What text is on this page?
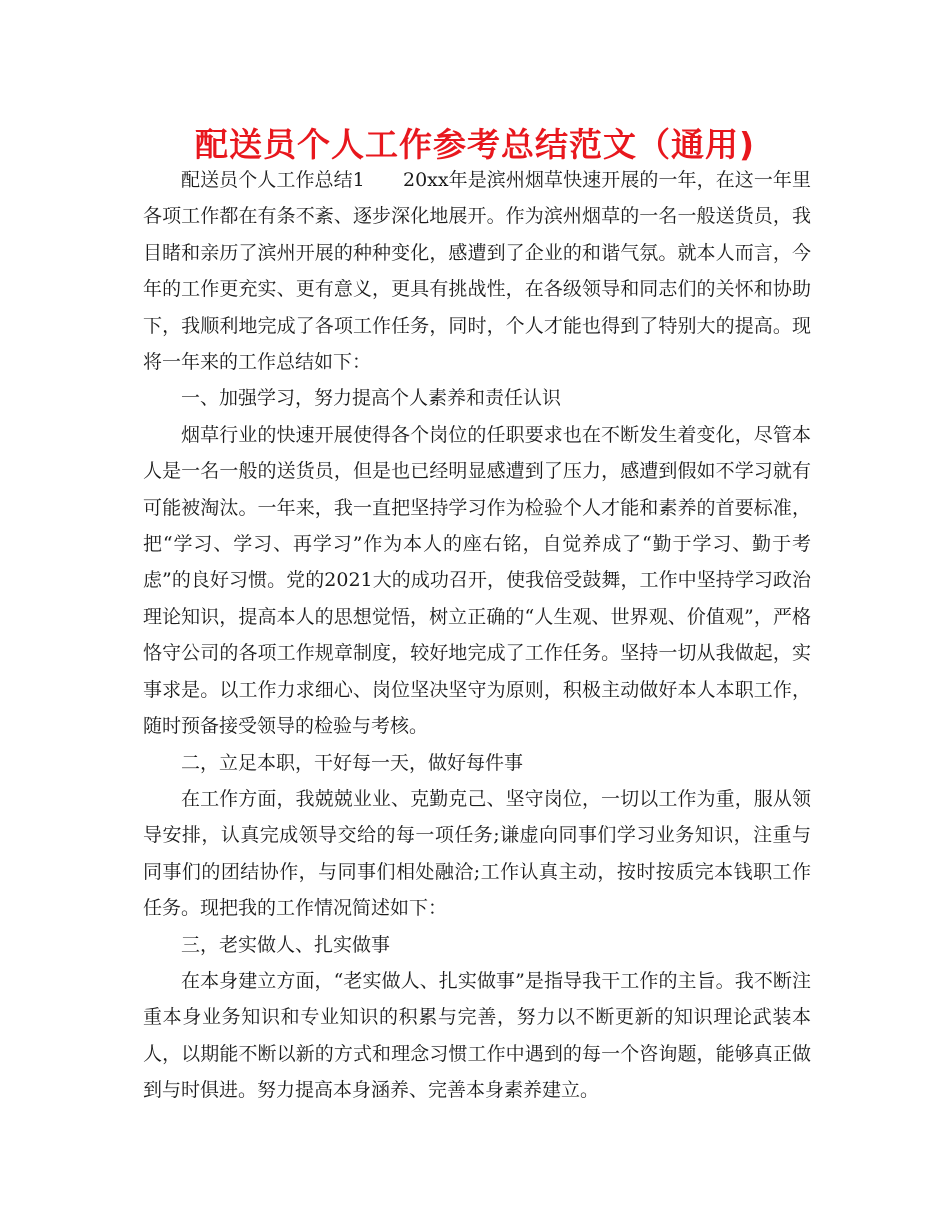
配送员个人工作参考总结范文（通用)

配送员个人工作总结1　　20xx年是滨州烟草快速开展的一年，在这一年里各项工作都在有条不紊、逐步深化地展开。作为滨州烟草的一名一般送货员，我目睹和亲历了滨州开展的种种变化，感遭到了企业的和谐气氛。就本人而言，今年的工作更充实、更有意义，更具有挑战性，在各级领导和同志们的关怀和协助下，我顺利地完成了各项工作任务，同时，个人才能也得到了特别大的提高。现将一年来的工作总结如下：

一、加强学习，努力提高个人素养和责任认识

烟草行业的快速开展使得各个岗位的任职要求也在不断发生着变化，尽管本人是一名一般的送货员，但是也已经明显感遭到了压力，感遭到假如不学习就有可能被淘汰。一年来，我一直把坚持学习作为检验个人才能和素养的首要标准，把“学习、学习、再学习”作为本人的座右铭，自觉养成了“勤于学习、勤于考虑”的良好习惯。党的2021大的成功召开，使我倍受鼓舞，工作中坚持学习政治理论知识，提高本人的思想觉悟，树立正确的“人生观、世界观、价值观”，严格恪守公司的各项工作规章制度，较好地完成了工作任务。坚持一切从我做起，实事求是。以工作力求细心、岗位坚决坚守为原则，积极主动做好本人本职工作，随时预备接受领导的检验与考核。

二，立足本职，干好每一天，做好每件事

在工作方面，我兢兢业业、克勤克己、坚守岗位，一切以工作为重，服从领导安排，认真完成领导交给的每一项任务;谦虚向同事们学习业务知识，注重与同事们的团结协作，与同事们相处融洽;工作认真主动，按时按质完本钱职工作任务。现把我的工作情况简述如下：

三，老实做人、扎实做事

在本身建立方面，“老实做人、扎实做事”是指导我干工作的主旨。我不断注重本身业务知识和专业知识的积累与完善，努力以不断更新的知识理论武装本人，以期能不断以新的方式和理念习惯工作中遇到的每一个咨询题，能够真正做到与时俱进。努力提高本身涵养、完善本身素养建立。
